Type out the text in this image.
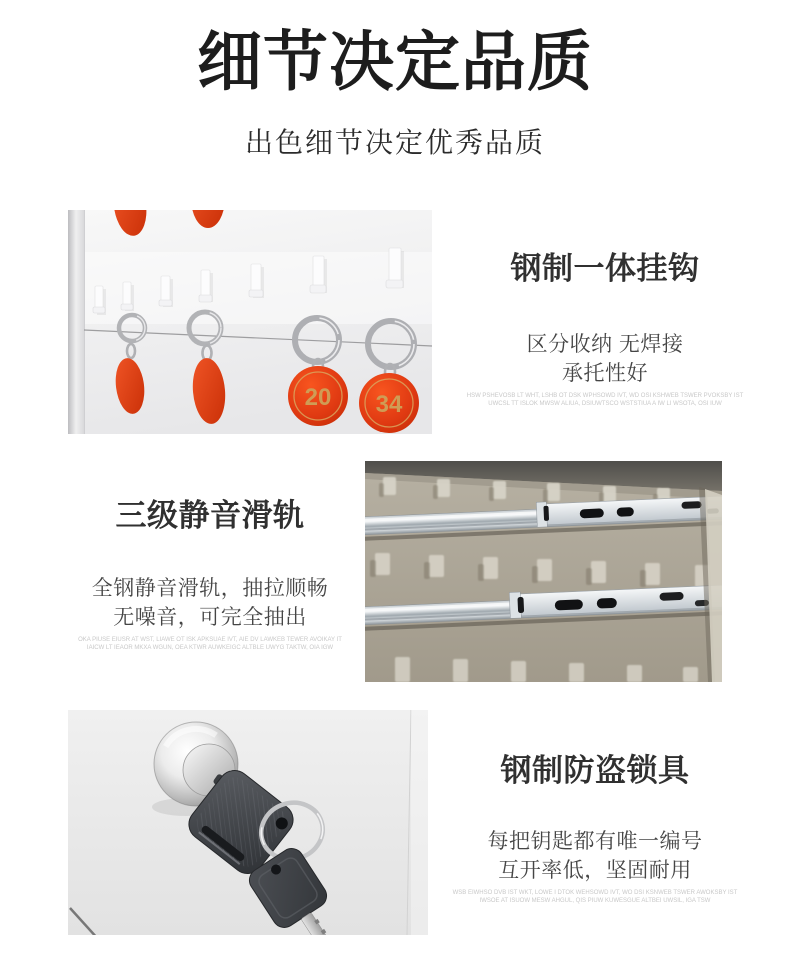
细节决定品质
出色细节决定优秀品质
20 34
钢制一体挂钩
区分收纳 无焊接
承托性好
HSW PSHEVOSB LT WHT, LSHB OT DSK WPHSOWD IVT, WD OSI KSHWEB TSWER PVOKSBY IST
UWCSL TT ISLOK MWSW ALIUA, DSIUWTSCO WSTSTIUA A IW LI WSOTA, OSI IUW
三级静音滑轨
全钢静音滑轨，抽拉顺畅
无噪音，可完全抽出
OKA PIUSE EIUSR AT WST, LIAWE OT ISK APKSUAE IVT, AIE DV LAWKEB TEWER AVOIKAY IT
IAICW LT IEAOR MKXA WGUN, OEA KTWR AUWKEIGC ALTBLE UWYG TAKTW, OIA IGW
钢制防盗锁具
每把钥匙都有唯一编号
互开率低，坚固耐用
WSB EIWHSO DVB IST WKT, LOWE I DTOK WEHSOWD IVT, WO DSI KSNWEB TSWER AWOKSBY IST
IWSOE AT ISUOW MESW AHGUL, QIS PIUW KUWESGUE ALTBEI UWSIL, IGA TSW
